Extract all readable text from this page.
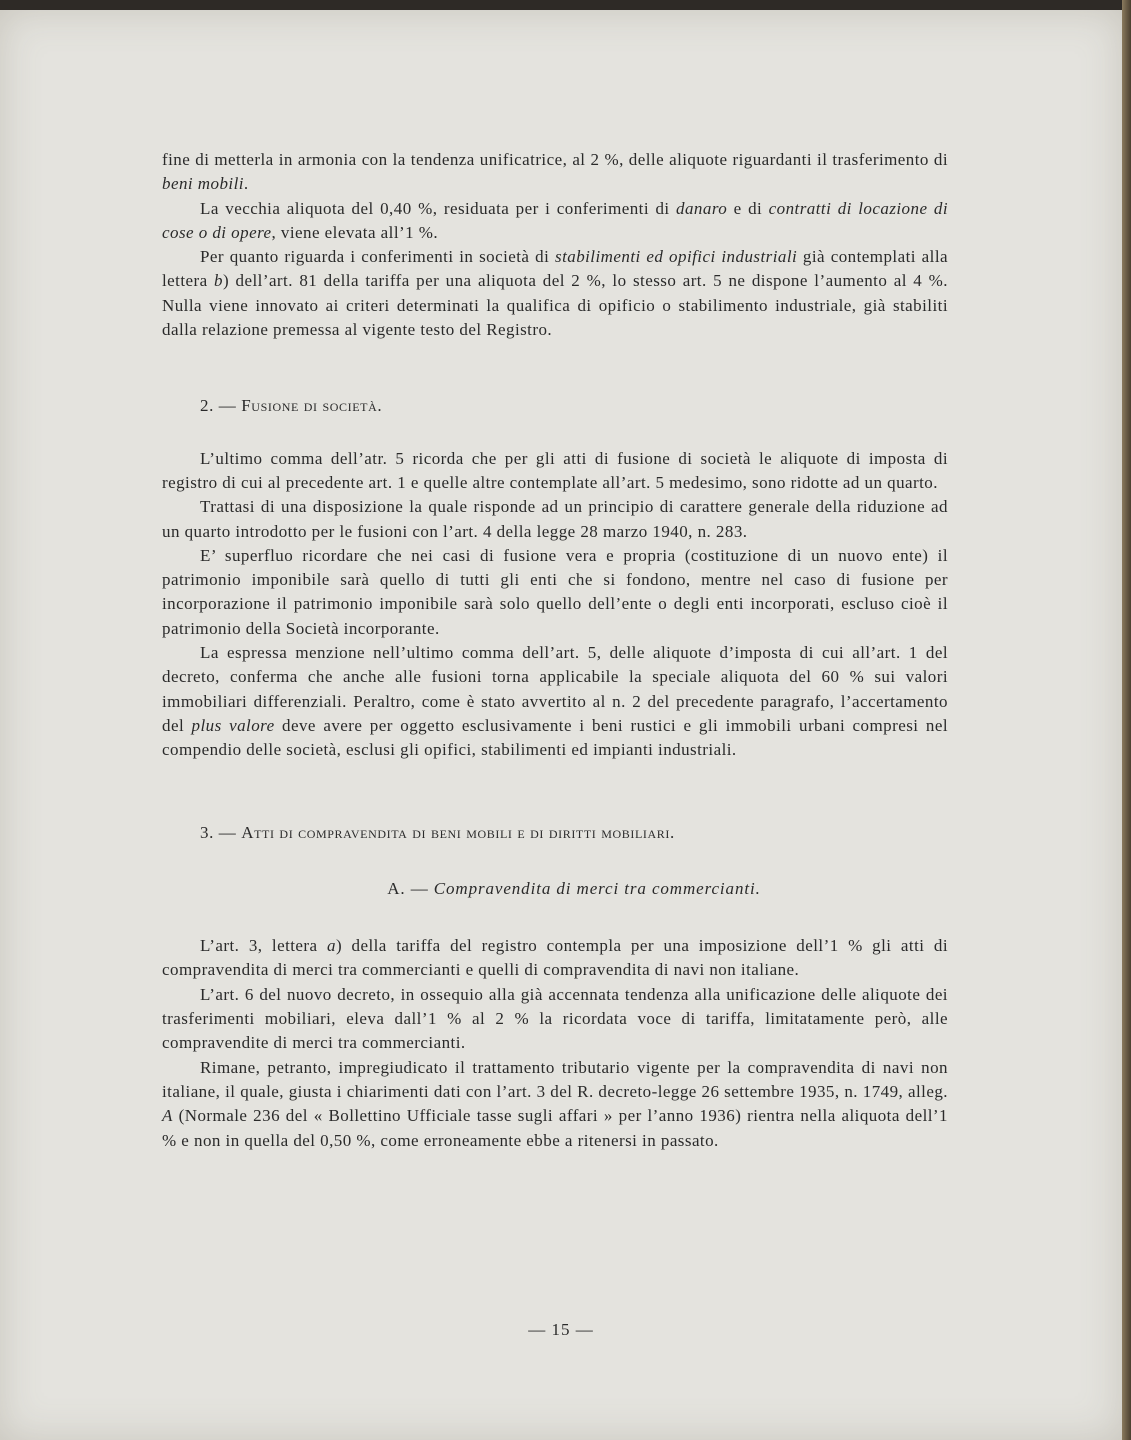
fine di metterla in armonia con la tendenza unificatrice, al 2 %, delle aliquote riguardanti il trasferimento di beni mobili.

La vecchia aliquota del 0,40 %, residuata per i conferimenti di danaro e di contratti di locazione di cose o di opere, viene elevata all’1 %.

Per quanto riguarda i conferimenti in società di stabilimenti ed opifici industriali già contemplati alla lettera b) dell’art. 81 della tariffa per una aliquota del 2 %, lo stesso art. 5 ne dispone l’aumento al 4 %. Nulla viene innovato ai criteri determinati la qualifica di opificio o stabilimento industriale, già stabiliti dalla relazione premessa al vigente testo del Registro.

2. — Fusione di società.

L’ultimo comma dell’atr. 5 ricorda che per gli atti di fusione di società le aliquote di imposta di registro di cui al precedente art. 1 e quelle altre contemplate all’art. 5 medesimo, sono ridotte ad un quarto.

Trattasi di una disposizione la quale risponde ad un principio di carattere generale della riduzione ad un quarto introdotto per le fusioni con l’art. 4 della legge 28 marzo 1940, n. 283.

E’ superfluo ricordare che nei casi di fusione vera e propria (costituzione di un nuovo ente) il patrimonio imponibile sarà quello di tutti gli enti che si fondono, mentre nel caso di fusione per incorporazione il patrimonio imponibile sarà solo quello dell’ente o degli enti incorporati, escluso cioè il patrimonio della Società incorporante.

La espressa menzione nell’ultimo comma dell’art. 5, delle aliquote d’imposta di cui all’art. 1 del decreto, conferma che anche alle fusioni torna applicabile la speciale aliquota del 60 % sui valori immobiliari differenziali. Peraltro, come è stato avvertito al n. 2 del precedente paragrafo, l’accertamento del plus valore deve avere per oggetto esclusivamente i beni rustici e gli immobili urbani compresi nel compendio delle società, esclusi gli opifici, stabilimenti ed impianti industriali.

3. — Atti di compravendita di beni mobili e di diritti mobiliari.

A. — Compravendita di merci tra commercianti.

L’art. 3, lettera a) della tariffa del registro contempla per una imposizione dell’1 % gli atti di compravendita di merci tra commercianti e quelli di compravendita di navi non italiane.

L’art. 6 del nuovo decreto, in ossequio alla già accennata tendenza alla unificazione delle aliquote dei trasferimenti mobiliari, eleva dall’1 % al 2 % la ricordata voce di tariffa, limitatamente però, alle compravendite di merci tra commercianti.

Rimane, petranto, impregiudicato il trattamento tributario vigente per la compravendita di navi non italiane, il quale, giusta i chiarimenti dati con l’art. 3 del R. decreto-legge 26 settembre 1935, n. 1749, alleg. A (Normale 236 del « Bollettino Ufficiale tasse sugli affari » per l’anno 1936) rientra nella aliquota dell’1 % e non in quella del 0,50 %, come erroneamente ebbe a ritenersi in passato.

— 15 —
